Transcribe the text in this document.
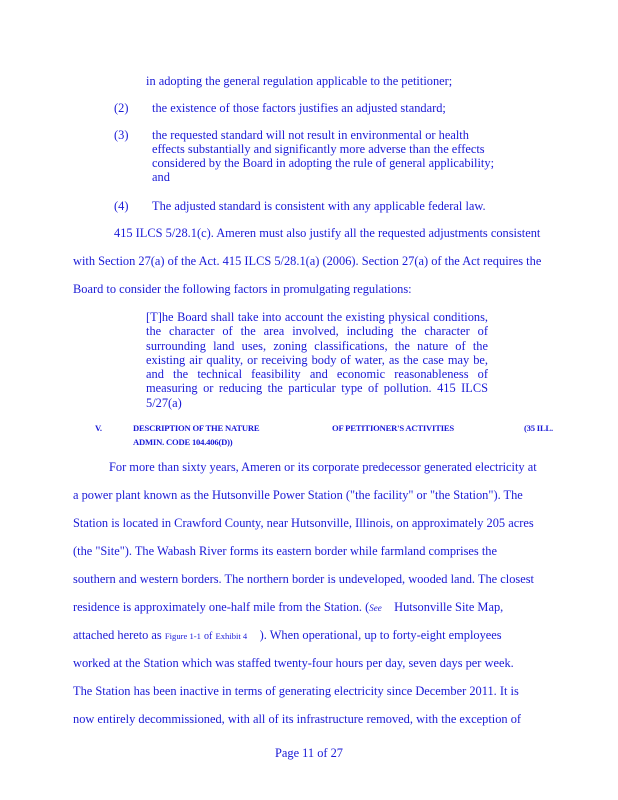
in adopting the general regulation applicable to the petitioner;
(2) the existence of those factors justifies an adjusted standard;
(3) the requested standard will not result in environmental or health
effects substantially and significantly more adverse than the effects
considered by the Board in adopting the rule of general applicability;
and
(4) The adjusted standard is consistent with any applicable federal law.
415 ILCS 5/28.1(c). Ameren must also justify all the requested adjustments consistent
with Section 27(a) of the Act. 415 ILCS 5/28.1(a) (2006). Section 27(a) of the Act requires the
Board to consider the following factors in promulgating regulations:
[T]he Board shall take into account the existing physical conditions, the character of the area involved, including the character of surrounding land uses, zoning classifications, the nature of the existing air quality, or receiving body of water, as the case may be, and the technical feasibility and economic reasonableness of measuring or reducing the particular type of pollution. 415 ILCS 5/27(a)
V.	DESCRIPTION OF THE NATURE	OF PETITIONER'S ACTIVITIES	(35 ILL.
ADMIN. CODE 104.406(D))
For more than sixty years, Ameren or its corporate predecessor generated electricity at
a power plant known as the Hutsonville Power Station ("the facility" or "the Station"). The
Station is located in Crawford County, near Hutsonville, Illinois, on approximately 205 acres
(the "Site"). The Wabash River forms its eastern border while farmland comprises the
southern and western borders. The northern border is undeveloped, wooded land. The closest
residence is approximately one-half mile from the Station. (See Hutsonville Site Map,
attached hereto as Figure 1-1 of Exhibit 4 ). When operational, up to forty-eight employees
worked at the Station which was staffed twenty-four hours per day, seven days per week.
The Station has been inactive in terms of generating electricity since December 2011. It is
now entirely decommissioned, with all of its infrastructure removed, with the exception of
Page 11 of 27
